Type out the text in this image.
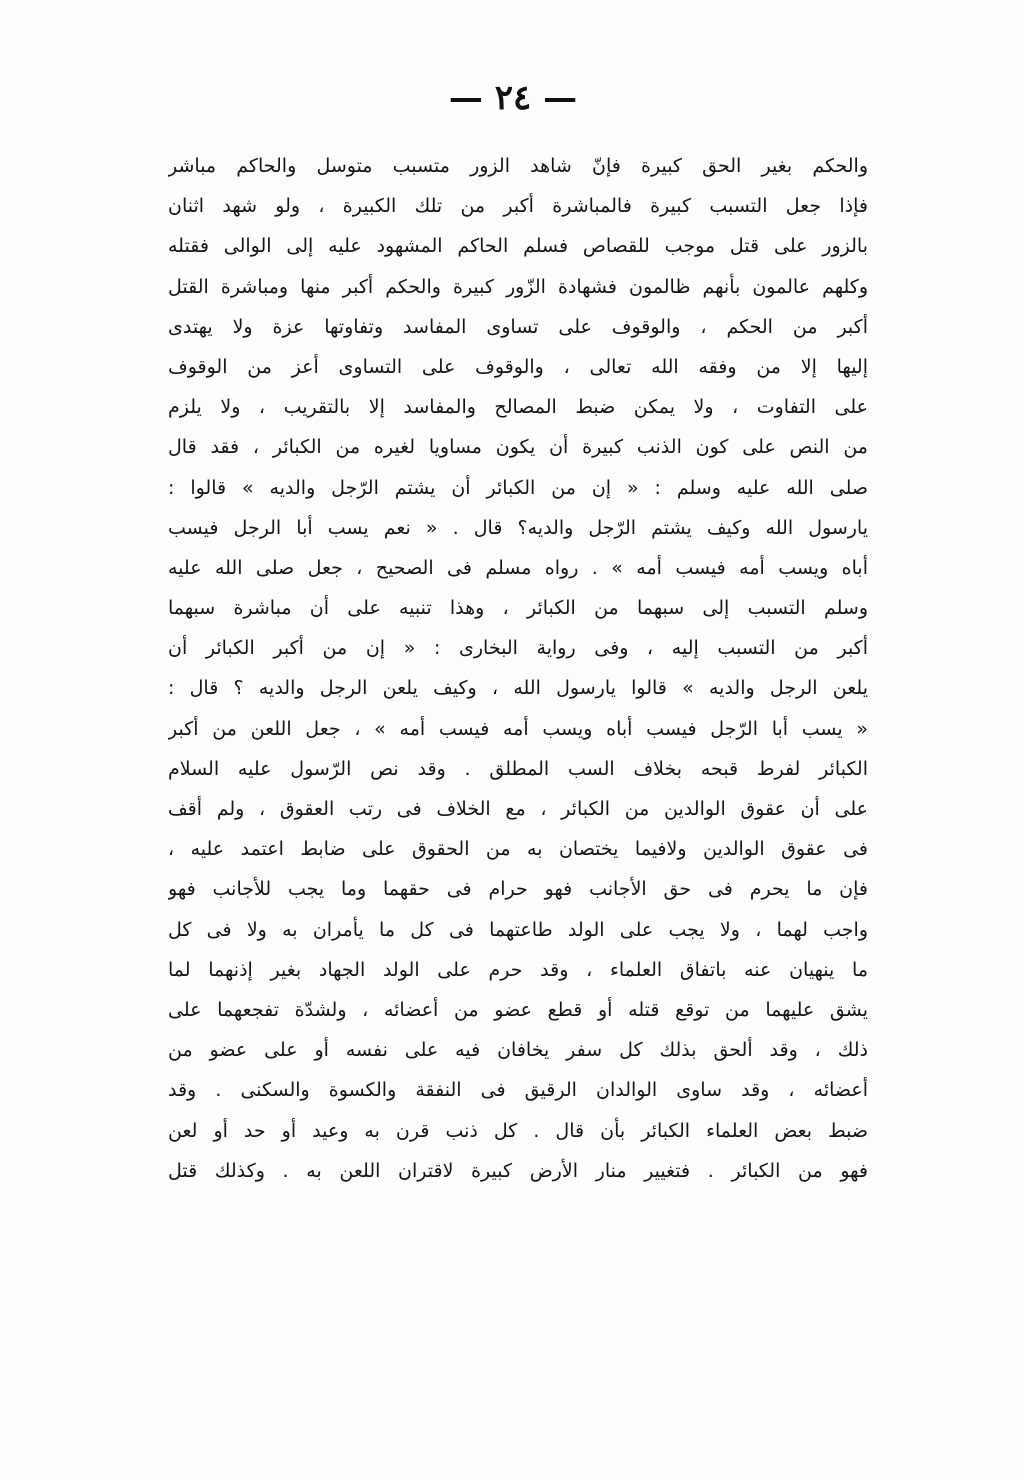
— ٢٤ —
والحكم بغير الحق كبيرة فإنّ شاهد الزور متسبب متوسل والحاكم مباشر
فإذا جعل التسبب كبيرة فالمباشرة أكبر من تلك الكبيرة ، ولو شهد اثنان
بالزور على قتل موجب للقصاص فسلم الحاكم المشهود عليه إلى الوالى فقتله
وكلهم عالمون بأنهم ظالمون فشهادة الزّور كبيرة والحكم أكبر منها ومباشرة القتل
أكبر من الحكم ، والوقوف على تساوى المفاسد وتفاوتها عزة ولا يهتدى
إليها إلا من وفقه الله تعالى ، والوقوف على التساوى أعز من الوقوف
على التفاوت ، ولا يمكن ضبط المصالح والمفاسد إلا بالتقريب ، ولا يلزم
من النص على كون الذنب كبيرة أن يكون مساويا لغيره من الكبائر ، فقد قال
صلى الله عليه وسلم : « إن من الكبائر أن يشتم الرّجل والديه » قالوا :
يارسول الله وكيف يشتم الرّجل والديه؟ قال . « نعم يسب أبا الرجل فيسب
أباه ويسب أمه فيسب أمه » . رواه مسلم فى الصحيح ، جعل صلى الله عليه
وسلم التسبب إلى سبهما من الكبائر ، وهذا تنبيه على أن مباشرة سبهما
أكبر من التسبب إليه ، وفى رواية البخارى : « إن من أكبر الكبائر أن
يلعن الرجل والديه » قالوا يارسول الله ، وكيف يلعن الرجل والديه ؟ قال :
« يسب أبا الرّجل فيسب أباه ويسب أمه فيسب أمه » ، جعل اللعن من أكبر
الكبائر لفرط قبحه بخلاف السب المطلق . وقد نص الرّسول عليه السلام
على أن عقوق الوالدين من الكبائر ، مع الخلاف فى رتب العقوق ، ولم أقف
فى عقوق الوالدين ولافيما يختصان به من الحقوق على ضابط اعتمد عليه ،
فإن ما يحرم فى حق الأجانب فهو حرام فى حقهما وما يجب للأجانب فهو
واجب لهما ، ولا يجب على الولد طاعتهما فى كل ما يأمران به ولا فى كل
ما ينهيان عنه باتفاق العلماء ، وقد حرم على الولد الجهاد بغير إذنهما لما
يشق عليهما من توقع قتله أو قطع عضو من أعضائه ، ولشدّة تفجعهما على
ذلك ، وقد ألحق بذلك كل سفر يخافان فيه على نفسه أو على عضو من
أعضائه ، وقد ساوى الوالدان الرقيق فى النفقة والكسوة والسكنى . وقد
ضبط بعض العلماء الكبائر بأن قال . كل ذنب قرن به وعيد أو حد أو لعن
فهو من الكبائر . فتغيير منار الأرض كبيرة لاقتران اللعن به . وكذلك قتل
